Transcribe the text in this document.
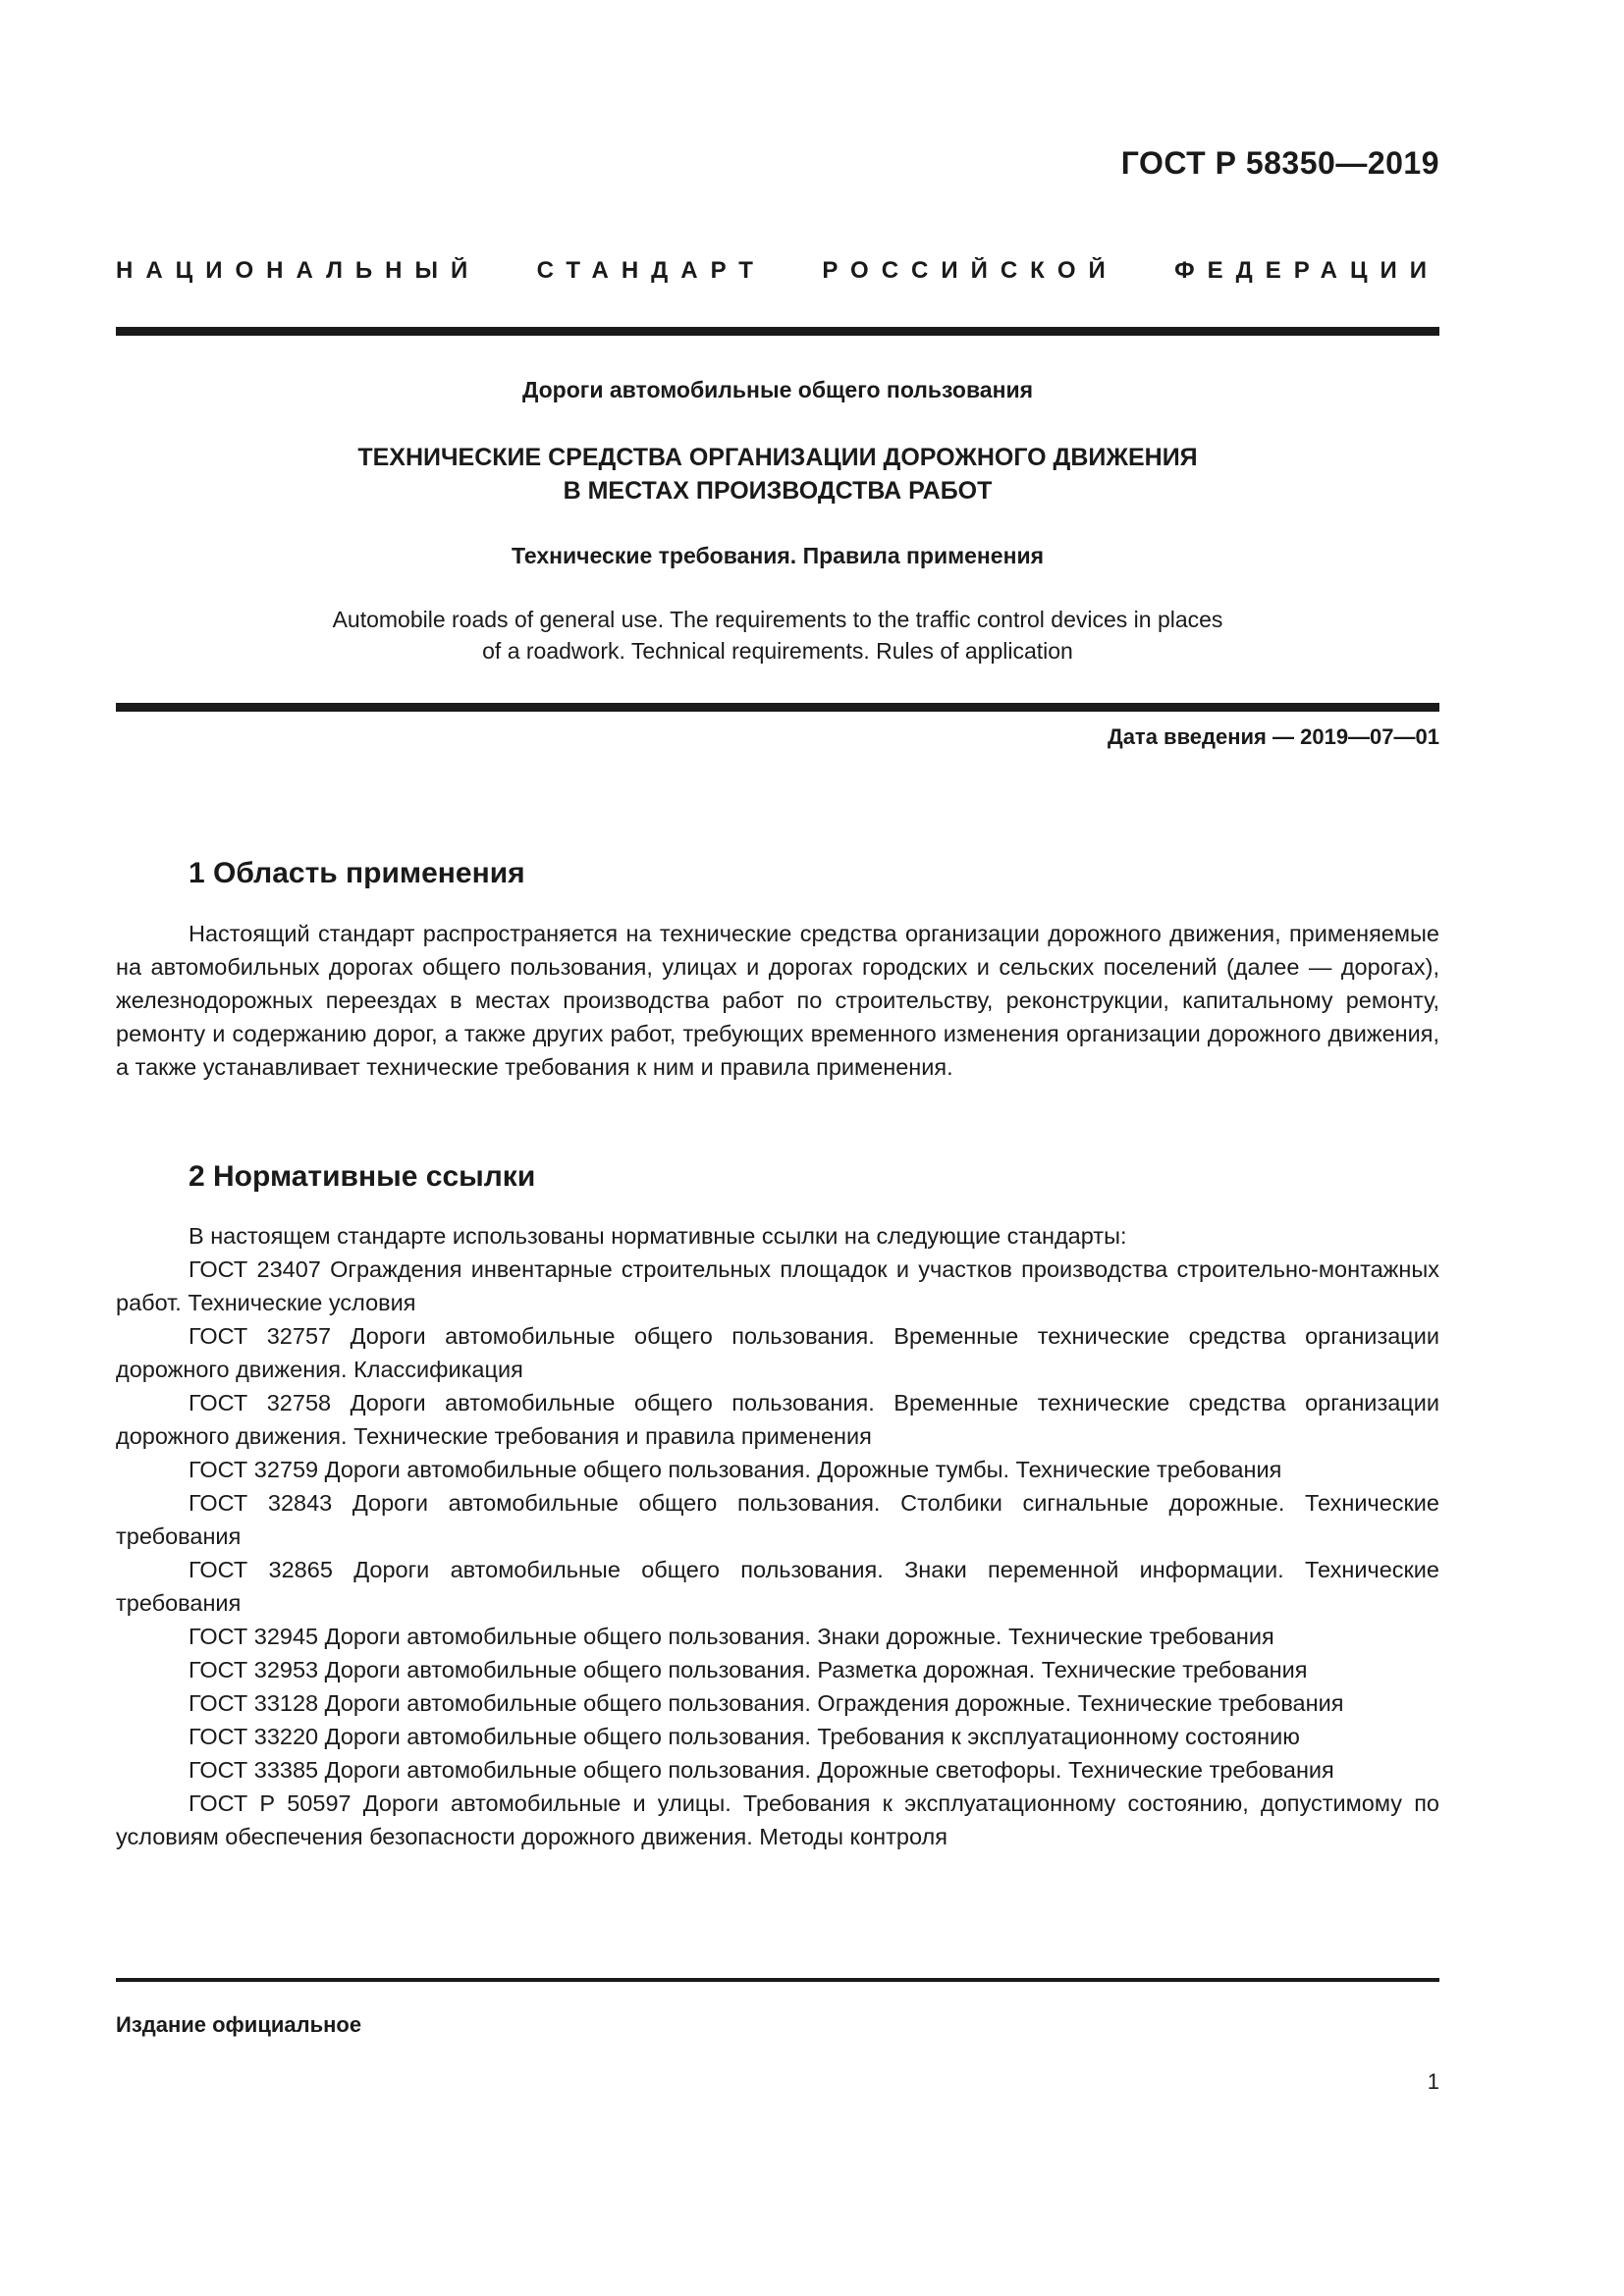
ГОСТ Р 58350—2019
НАЦИОНАЛЬНЫЙ СТАНДАРТ РОССИЙСКОЙ ФЕДЕРАЦИИ
Дороги автомобильные общего пользования
ТЕХНИЧЕСКИЕ СРЕДСТВА ОРГАНИЗАЦИИ ДОРОЖНОГО ДВИЖЕНИЯ
В МЕСТАХ ПРОИЗВОДСТВА РАБОТ
Технические требования. Правила применения
Automobile roads of general use. The requirements to the traffic control devices in places
of a roadwork. Technical requirements. Rules of application
Дата введения — 2019—07—01
1 Область применения

Настоящий стандарт распространяется на технические средства организации дорожного движения, применяемые на автомобильных дорогах общего пользования, улицах и дорогах городских и сельских поселений (далее — дорогах), железнодорожных переездах в местах производства работ по строительству, реконструкции, капитальному ремонту, ремонту и содержанию дорог, а также других работ, требующих временного изменения организации дорожного движения, а также устанавливает технические требования к ним и правила применения.

2 Нормативные ссылки

В настоящем стандарте использованы нормативные ссылки на следующие стандарты:

ГОСТ 23407 Ограждения инвентарные строительных площадок и участков производства строительно-монтажных работ. Технические условия

ГОСТ 32757 Дороги автомобильные общего пользования. Временные технические средства организации дорожного движения. Классификация

ГОСТ 32758 Дороги автомобильные общего пользования. Временные технические средства организации дорожного движения. Технические требования и правила применения

ГОСТ 32759 Дороги автомобильные общего пользования. Дорожные тумбы. Технические требования

ГОСТ 32843 Дороги автомобильные общего пользования. Столбики сигнальные дорожные. Технические требования

ГОСТ 32865 Дороги автомобильные общего пользования. Знаки переменной информации. Технические требования

ГОСТ 32945 Дороги автомобильные общего пользования. Знаки дорожные. Технические требования

ГОСТ 32953 Дороги автомобильные общего пользования. Разметка дорожная. Технические требования

ГОСТ 33128 Дороги автомобильные общего пользования. Ограждения дорожные. Технические требования

ГОСТ 33220 Дороги автомобильные общего пользования. Требования к эксплуатационному состоянию

ГОСТ 33385 Дороги автомобильные общего пользования. Дорожные светофоры. Технические требования

ГОСТ Р 50597 Дороги автомобильные и улицы. Требования к эксплуатационному состоянию, допустимому по условиям обеспечения безопасности дорожного движения. Методы контроля

Издание официальное
1
